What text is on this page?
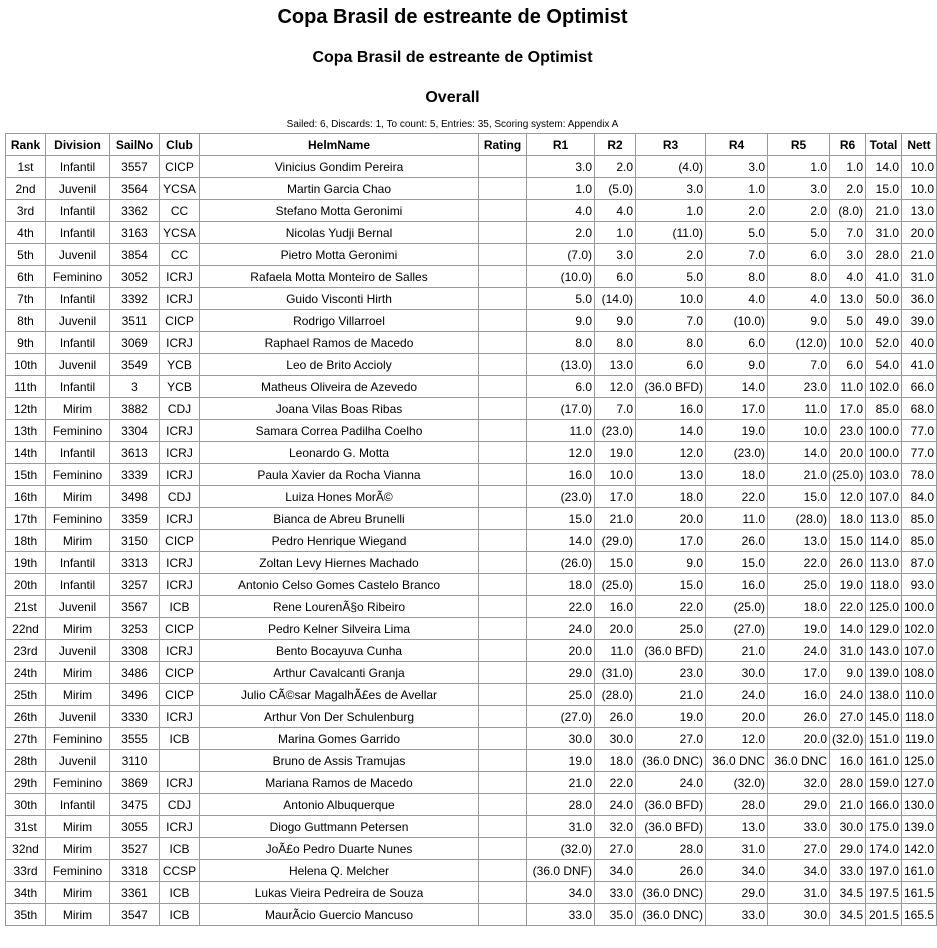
Copa Brasil de estreante de Optimist
Copa Brasil de estreante de Optimist
Overall
Sailed: 6, Discards: 1, To count: 5, Entries: 35, Scoring system: Appendix A
Rank	Division	SailNo	Club	HelmName	Rating	R1	R2	R3	R4	R5	R6	Total	Nett
1st	Infantil	3557	CICP	Vinicius Gondim Pereira		3.0	2.0	(4.0)	3.0	1.0	1.0	14.0	10.0
2nd	Juvenil	3564	YCSA	Martin Garcia Chao		1.0	(5.0)	3.0	1.0	3.0	2.0	15.0	10.0
3rd	Infantil	3362	CC	Stefano Motta Geronimi		4.0	4.0	1.0	2.0	2.0	(8.0)	21.0	13.0
4th	Infantil	3163	YCSA	Nicolas Yudji Bernal		2.0	1.0	(11.0)	5.0	5.0	7.0	31.0	20.0
5th	Juvenil	3854	CC	Pietro Motta Geronimi		(7.0)	3.0	2.0	7.0	6.0	3.0	28.0	21.0
6th	Feminino	3052	ICRJ	Rafaela Motta Monteiro de Salles		(10.0)	6.0	5.0	8.0	8.0	4.0	41.0	31.0
7th	Infantil	3392	ICRJ	Guido Visconti Hirth		5.0	(14.0)	10.0	4.0	4.0	13.0	50.0	36.0
8th	Juvenil	3511	CICP	Rodrigo Villarroel		9.0	9.0	7.0	(10.0)	9.0	5.0	49.0	39.0
9th	Infantil	3069	ICRJ	Raphael Ramos de Macedo		8.0	8.0	8.0	6.0	(12.0)	10.0	52.0	40.0
10th	Juvenil	3549	YCB	Leo de Brito Accioly		(13.0)	13.0	6.0	9.0	7.0	6.0	54.0	41.0
11th	Infantil	3	YCB	Matheus Oliveira de Azevedo		6.0	12.0	(36.0 BFD)	14.0	23.0	11.0	102.0	66.0
12th	Mirim	3882	CDJ	Joana Vilas Boas Ribas		(17.0)	7.0	16.0	17.0	11.0	17.0	85.0	68.0
13th	Feminino	3304	ICRJ	Samara Correa Padilha Coelho		11.0	(23.0)	14.0	19.0	10.0	23.0	100.0	77.0
14th	Infantil	3613	ICRJ	Leonardo G. Motta		12.0	19.0	12.0	(23.0)	14.0	20.0	100.0	77.0
15th	Feminino	3339	ICRJ	Paula Xavier da Rocha Vianna		16.0	10.0	13.0	18.0	21.0	(25.0)	103.0	78.0
16th	Mirim	3498	CDJ	Luiza Hones MorÃ©		(23.0)	17.0	18.0	22.0	15.0	12.0	107.0	84.0
17th	Feminino	3359	ICRJ	Bianca de Abreu Brunelli		15.0	21.0	20.0	11.0	(28.0)	18.0	113.0	85.0
18th	Mirim	3150	CICP	Pedro Henrique Wiegand		14.0	(29.0)	17.0	26.0	13.0	15.0	114.0	85.0
19th	Infantil	3313	ICRJ	Zoltan Levy Hiernes Machado		(26.0)	15.0	9.0	15.0	22.0	26.0	113.0	87.0
20th	Infantil	3257	ICRJ	Antonio Celso Gomes Castelo Branco		18.0	(25.0)	15.0	16.0	25.0	19.0	118.0	93.0
21st	Juvenil	3567	ICB	Rene LourenÃ§o Ribeiro		22.0	16.0	22.0	(25.0)	18.0	22.0	125.0	100.0
22nd	Mirim	3253	CICP	Pedro Kelner Silveira Lima		24.0	20.0	25.0	(27.0)	19.0	14.0	129.0	102.0
23rd	Juvenil	3308	ICRJ	Bento Bocayuva Cunha		20.0	11.0	(36.0 BFD)	21.0	24.0	31.0	143.0	107.0
24th	Mirim	3486	CICP	Arthur Cavalcanti Granja		29.0	(31.0)	23.0	30.0	17.0	9.0	139.0	108.0
25th	Mirim	3496	CICP	Julio CÃ©sar MagalhÃ£es de Avellar		25.0	(28.0)	21.0	24.0	16.0	24.0	138.0	110.0
26th	Juvenil	3330	ICRJ	Arthur Von Der Schulenburg		(27.0)	26.0	19.0	20.0	26.0	27.0	145.0	118.0
27th	Feminino	3555	ICB	Marina Gomes Garrido		30.0	30.0	27.0	12.0	20.0	(32.0)	151.0	119.0
28th	Juvenil	3110		Bruno de Assis Tramujas		19.0	18.0	(36.0 DNC)	36.0 DNC	36.0 DNC	16.0	161.0	125.0
29th	Feminino	3869	ICRJ	Mariana Ramos de Macedo		21.0	22.0	24.0	(32.0)	32.0	28.0	159.0	127.0
30th	Infantil	3475	CDJ	Antonio Albuquerque		28.0	24.0	(36.0 BFD)	28.0	29.0	21.0	166.0	130.0
31st	Mirim	3055	ICRJ	Diogo Guttmann Petersen		31.0	32.0	(36.0 BFD)	13.0	33.0	30.0	175.0	139.0
32nd	Mirim	3527	ICB	JoÃ£o Pedro Duarte Nunes		(32.0)	27.0	28.0	31.0	27.0	29.0	174.0	142.0
33rd	Feminino	3318	CCSP	Helena Q. Melcher		(36.0 DNF)	34.0	26.0	34.0	34.0	33.0	197.0	161.0
34th	Mirim	3361	ICB	Lukas Vieira Pedreira de Souza		34.0	33.0	(36.0 DNC)	29.0	31.0	34.5	197.5	161.5
35th	Mirim	3547	ICB	MaurÃcio Guercio Mancuso		33.0	35.0	(36.0 DNC)	33.0	30.0	34.5	201.5	165.5
